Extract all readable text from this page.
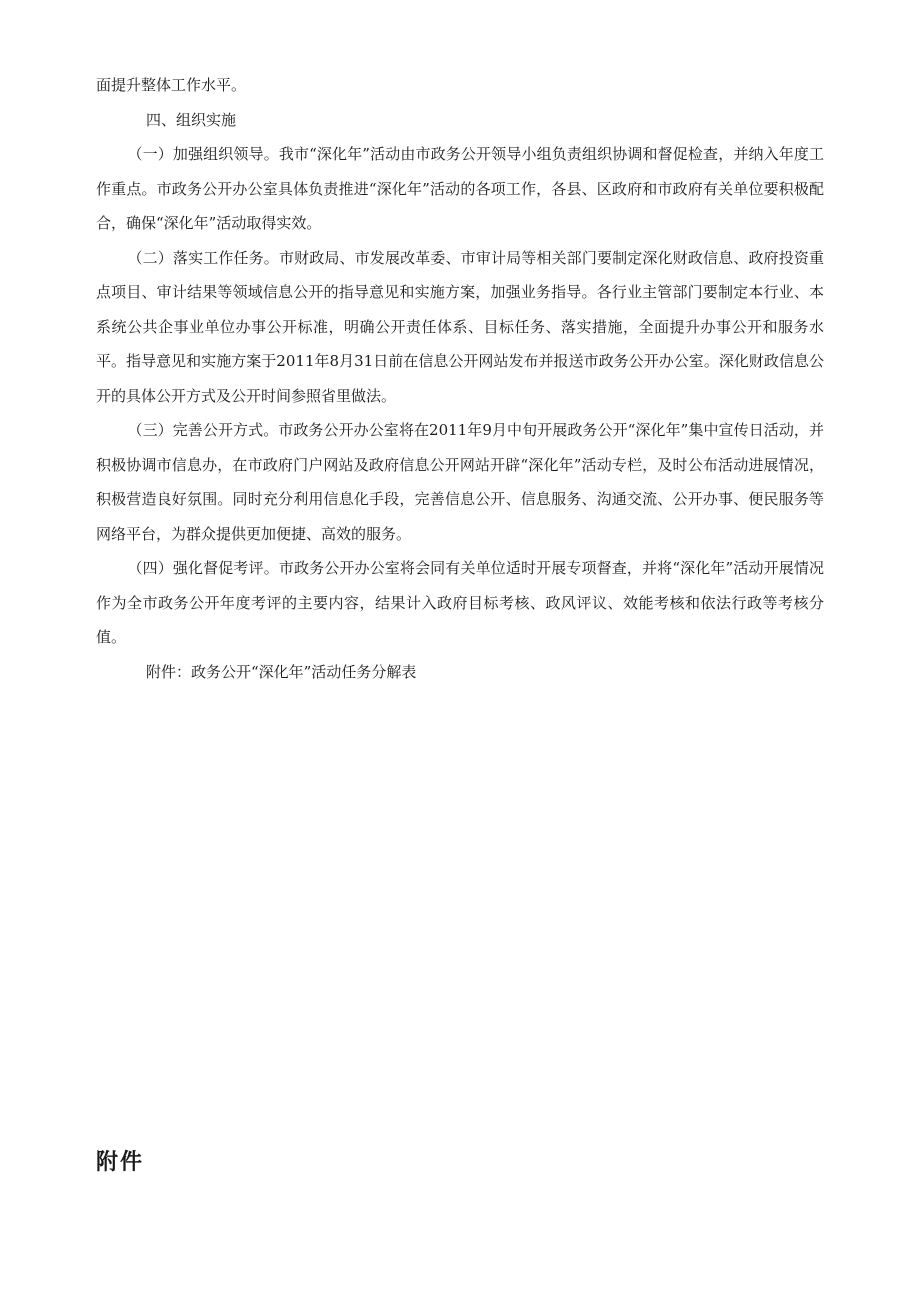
面提升整体工作水平。

四、组织实施

（一）加强组织领导。我市“深化年”活动由市政务公开领导小组负责组织协调和督促检查，并纳入年度工作重点。市政务公开办公室具体负责推进“深化年”活动的各项工作，各县、区政府和市政府有关单位要积极配合，确保“深化年”活动取得实效。

（二）落实工作任务。市财政局、市发展改革委、市审计局等相关部门要制定深化财政信息、政府投资重点项目、审计结果等领域信息公开的指导意见和实施方案，加强业务指导。各行业主管部门要制定本行业、本系统公共企事业单位办事公开标准，明确公开责任体系、目标任务、落实措施，全面提升办事公开和服务水平。指导意见和实施方案于2011年8月31日前在信息公开网站发布并报送市政务公开办公室。深化财政信息公开的具体公开方式及公开时间参照省里做法。

（三）完善公开方式。市政务公开办公室将在2011年9月中旬开展政务公开“深化年”集中宣传日活动，并积极协调市信息办，在市政府门户网站及政府信息公开网站开辟“深化年”活动专栏，及时公布活动进展情况，积极营造良好氛围。同时充分利用信息化手段，完善信息公开、信息服务、沟通交流、公开办事、便民服务等网络平台，为群众提供更加便捷、高效的服务。

（四）强化督促考评。市政务公开办公室将会同有关单位适时开展专项督查，并将“深化年”活动开展情况作为全市政务公开年度考评的主要内容，结果计入政府目标考核、政风评议、效能考核和依法行政等考核分值。

附件：政务公开“深化年”活动任务分解表

附件
